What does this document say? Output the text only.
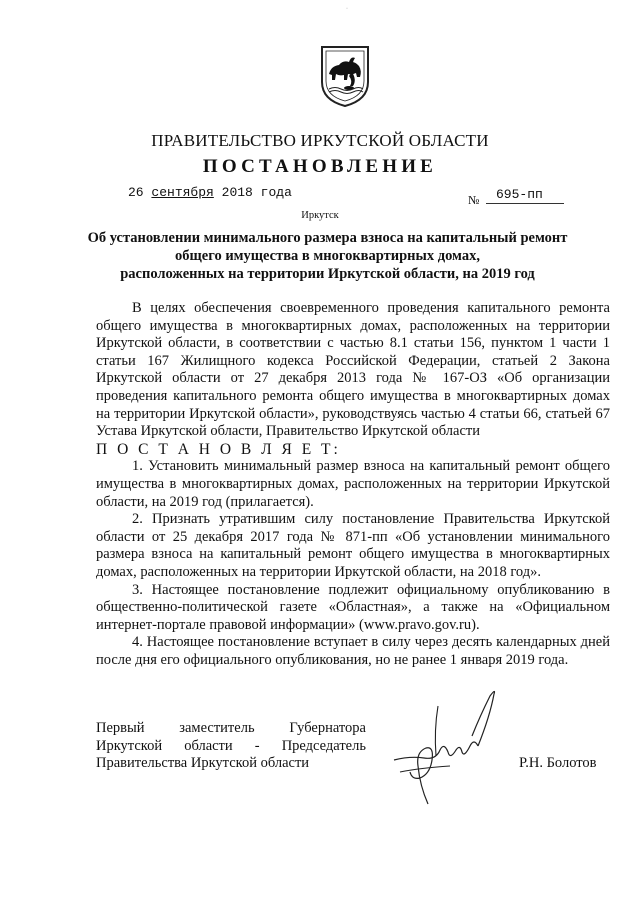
·
ПРАВИТЕЛЬСТВО ИРКУТСКОЙ ОБЛАСТИ
ПОСТАНОВЛЕНИЕ
26 сентября 2018 года	№ 695-пп
Иркутск
Об установлении минимального размера взноса на капитальный ремонт
общего имущества в многоквартирных домах,
расположенных на территории Иркутской области, на 2019 год

В целях обеспечения своевременного проведения капитального ремонта общего имущества в многоквартирных домах, расположенных на территории Иркутской области, в соответствии с частью 8.1 статьи 156, пунктом 1 части 1 статьи 167 Жилищного кодекса Российской Федерации, статьей 2 Закона Иркутской области от 27 декабря 2013 года № 167-ОЗ «Об организации проведения капитального ремонта общего имущества в многоквартирных домах на территории Иркутской области», руководствуясь частью 4 статьи 66, статьей 67 Устава Иркутской области, Правительство Иркутской области

П О С Т А Н О В Л Я Е Т:

1. Установить минимальный размер взноса на капитальный ремонт общего имущества в многоквартирных домах, расположенных на территории Иркутской области, на 2019 год (прилагается).

2. Признать утратившим силу постановление Правительства Иркутской области от 25 декабря 2017 года № 871-пп «Об установлении минимального размера взноса на капитальный ремонт общего имущества в многоквартирных домах, расположенных на территории Иркутской области, на 2018 год».

3. Настоящее постановление подлежит официальному опубликованию в общественно-политической газете «Областная», а также на «Официальном интернет-портале правовой информации» (www.pravo.gov.ru).

4. Настоящее постановление вступает в силу через десять календарных дней после дня его официального опубликования, но не ранее 1 января 2019 года.

Первый заместитель Губернатора
Иркутской области - Председатель
Правительства Иркутской области	Р.Н. Болотов
